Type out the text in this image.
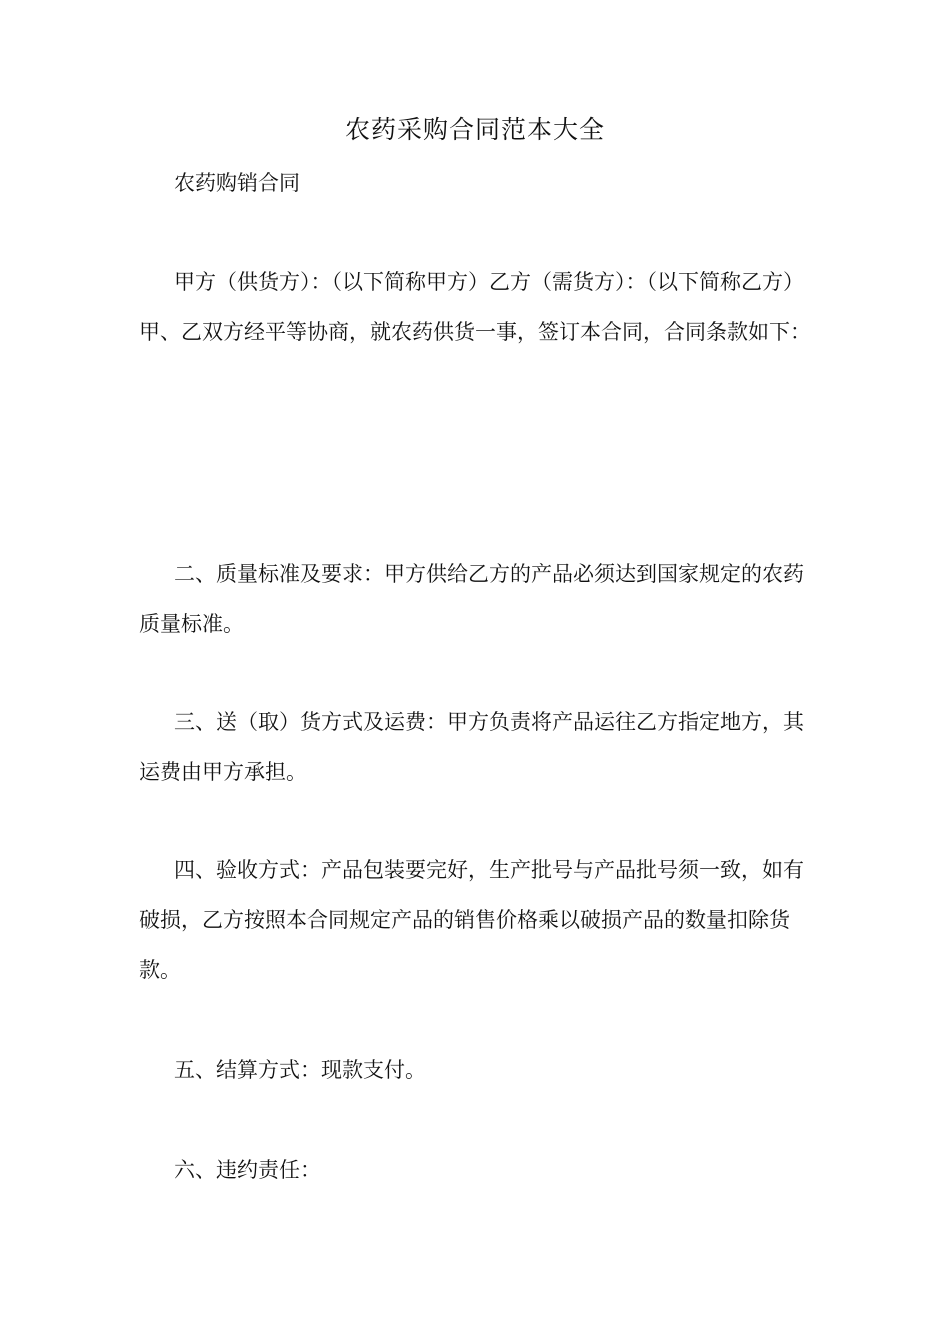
农药采购合同范本大全

农药购销合同

甲方（供货方）：（以下简称甲方）乙方（需货方）：（以下简称乙方）甲、乙双方经平等协商，就农药供货一事，签订本合同，合同条款如下：

二、质量标准及要求：甲方供给乙方的产品必须达到国家规定的农药质量标准。

三、送（取）货方式及运费：甲方负责将产品运往乙方指定地方，其运费由甲方承担。

四、验收方式：产品包装要完好，生产批号与产品批号须一致，如有破损，乙方按照本合同规定产品的销售价格乘以破损产品的数量扣除货款。

五、结算方式：现款支付。

六、违约责任：
